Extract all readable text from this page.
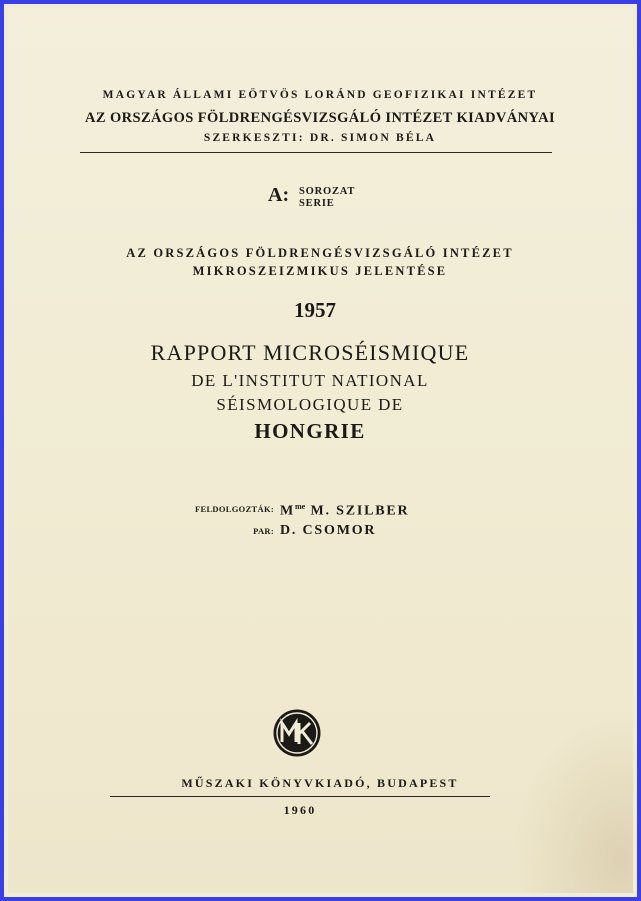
MAGYAR ÁLLAMI EÖTVÖS LORÁND GEOFIZIKAI INTÉZET
AZ ORSZÁGOS FÖLDRENGÉSVIZSGÁLÓ INTÉZET KIADVÁNYAI
SZERKESZTI: DR. SIMON BÉLA
A: SOROZAT
SERIE
AZ ORSZÁGOS FÖLDRENGÉSVIZSGÁLÓ INTÉZET
MIKROSZEIZMIKUS JELENTÉSE
1957
RAPPORT MICROSÉISMIQUE
DE L'INSTITUT NATIONAL
SÉISMOLOGIQUE DE
HONGRIE
FELDOLGOZTÁK: $M^{me}$ M. SZILBER
PAR: D. CSOMOR
MK
MŰSZAKI KÖNYVKIADÓ, BUDAPEST
1960
